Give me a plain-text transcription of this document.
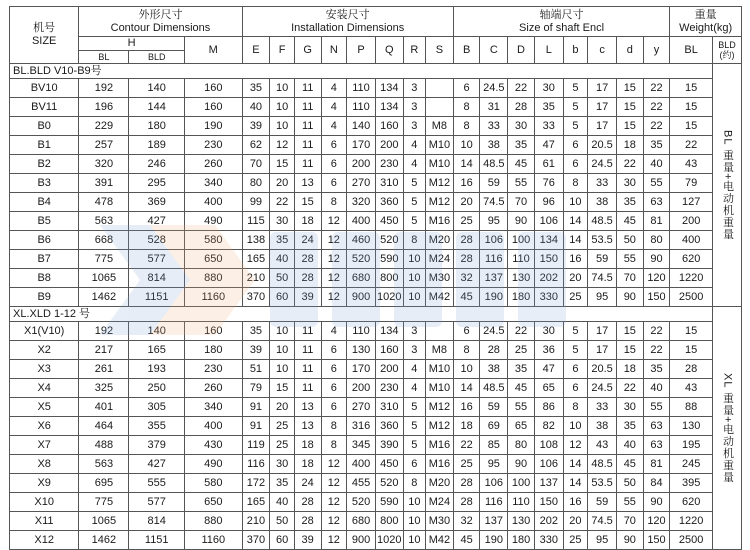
机号
SIZE	外形尺寸
Contour Dimensions			安装尺寸
Installation Dimensions								轴端尺寸
Size of shaft Encl								重量
Weight(kg)	
	H		M	E	F	G	N	P	Q	R	S	B	C	D	L	b	c	d	y	BL	BLD
(约)
	BL	BLD																			
BL.BLD V10-B9号																					BL 重量+电动机重量
BV10	192	140	160	35	10	11	4	110	134	3		6	24.5	22	30	5	17	15	22	15	
BV11	196	144	160	40	10	11	4	110	134	3		8	31	28	35	5	17	15	22	15	
B0	229	180	190	39	10	11	4	140	160	3	M8	8	33	30	33	5	17	15	22	15	
B1	257	189	230	62	12	11	6	170	200	4	M10	10	38	35	47	6	20.5	18	35	22	
B2	320	246	260	70	15	11	6	200	230	4	M10	14	48.5	45	61	6	24.5	22	40	43	
B3	391	295	340	80	20	13	6	270	310	5	M12	16	59	55	76	8	33	30	55	79	
B4	478	369	400	99	22	15	8	320	360	5	M12	20	74.5	70	96	10	38	35	63	127	
B5	563	427	490	115	30	18	12	400	450	5	M16	25	95	90	106	14	48.5	45	81	200	
B6	668	528	580	138	35	24	12	460	520	8	M20	28	106	100	134	14	53.5	50	80	400	
B7	775	577	650	165	40	28	12	520	590	10	M24	28	116	110	150	16	59	55	90	620	
B8	1065	814	880	210	50	28	12	680	800	10	M30	32	137	130	202	20	74.5	70	120	1220	
B9	1462	1151	1160	370	60	39	12	900	1020	10	M42	45	190	180	330	25	95	90	150	2500	
XL.XLD 1-12 号																					XL 重量+电动机重量
X1(V10)	192	140	160	35	10	11	4	110	134	3		6	24.5	22	30	5	17	15	22	15	
X2	217	165	180	39	10	11	6	130	160	3	M8	8	28	25	36	5	17	15	22	15	
X3	261	193	230	51	10	11	6	170	200	4	M10	10	38	35	47	6	20.5	18	35	28	
X4	325	250	260	79	15	11	6	200	230	4	M10	14	48.5	45	65	6	24.5	22	40	43	
X5	401	305	340	91	20	13	6	270	310	5	M12	16	59	55	86	8	33	30	55	88	
X6	464	355	400	91	25	13	8	316	360	5	M12	18	69	65	82	10	38	35	63	130	
X7	488	379	430	119	25	18	8	345	390	5	M16	22	85	80	108	12	43	40	63	195	
X8	563	427	490	116	30	18	12	400	450	6	M16	25	95	90	106	14	48.5	45	81	245	
X9	695	555	580	172	35	24	12	455	520	8	M20	28	106	100	137	14	53.5	50	84	395	
X10	775	577	650	165	40	28	12	520	590	10	M24	28	116	110	150	16	59	55	90	620	
X11	1065	814	880	210	50	28	12	680	800	10	M30	32	137	130	202	20	74.5	70	120	1220	
X12	1462	1151	1160	370	60	39	12	900	1020	10	M42	45	190	180	330	25	95	90	150	2500	
